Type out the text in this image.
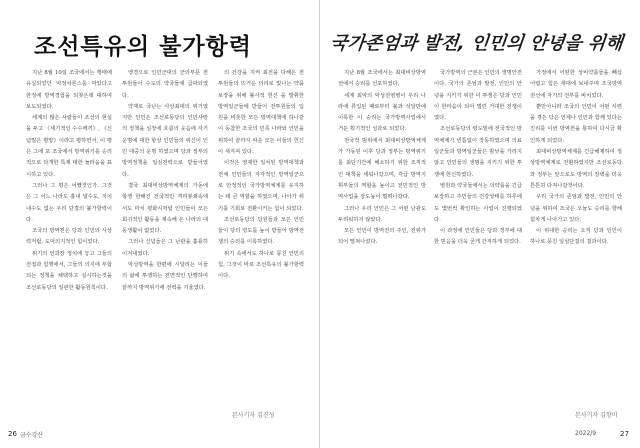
조선특유의 불가항력

지난 8월 10일 조국에서는 행태에 유실되었던 악정치론스를 막았다고 한정에 방역경험을 되찾은데 대하여 보도되였다.

세계의 많은 사람들이 조선의 현실을 두고 《세기적인 수수께끼》, 《신념밀은 평망》이라고 평하면서, 이 평은 그에 포 조국에서 방역위기를 승리적으로 타개한 특제 대한 놀라움을 표시하고 있다.

그러나 그 평은 어쨌것인가. 그것은 그 어느 나라도 흉내 낼수도, 지어내수도 없는 우리 단결의 불가항력이다.

조국의 방역전은 당과 인민의 사상력저럼, 도덕의지적인 힘이었다.

위기의 언과장 정치에 놓고 그들의 전접과 힘행에서, 그들의 의지에 부합되는 정책을 채택하고 실시하는것을 조선로동당의 일관한 활동원칙이다.

엥경으로 인민군대의 군의부문 전투원들이 수도의 약국들에 급파되였다.

약재로 국난는 사상최대의 위기였지만 인민은 조선로동당의 인민사랑의 정책을 심장에 흐름의 웃음에 자기 운명에 대한 항상 인민들의 위신이 인민 대중의 운명 하였으며 당과 정부의 방역정책을 일심전력으로 받들어였다.

결국 최대비상방역체계의 가동에 항쟁 한해진 전국적인 격리봉쇄속에서도 마치 평화시처럼 인민들이 모든 회귀적인 활동을 계속해 온 나라의 대동생활이 없었다.

그러나 신념들은 그 난관을 훌륭히 이겨내였다.

악성방역을 한편에 시달리는 이들의 삶에 투쟁하는 전면적인 단행하여 끝까지 방역위기에 전력을 기울였다.

의 건강을 지켜 최전을 다해온 전투원들의 뜨거운 의리로 빛나는 약품보장을 위해 불사적 헌신 을 발휘한 방역일군들에 받들어 전투원들의 입원을 비롯한 모든 방역대책에 하나같이 동참한 조국의 민족 나라와 인민을 위하여 끝까지 싸운 모든 이들의 헌신이 새겨져 있다.

이것은 영재한 일치된 방역대책과 전체 인민들의 자각적인 방역일군으로 안정적인 국가방역체계를 유지하는 데 큰 역할을 하였으며, 나아가 위기를 기회로 전환시키는 힘이 되었다.

조선로동당의 당원들과 모든 인민들이 당의 령도를 높이 받들어 방역전쟁의 승리를 이룩하였다.

위기 속에서도 하나로 뭉친 인민의 힘, 그것이 바로 조선특유의 불가항력이다.

본사기자 김진성
26 금수강산
국가존엄과 발전, 인민의 안녕을 위해

지난 8월 조국에서는 최대비상방역전에서 승리를 선포하였다.

세계 최악의 악성전염병이 우리 나라에 류입된 때로부터 불과 석달만에 이룩한 이 승리는 국가방역사업에서 거둔 획기적인 성과로 되었다.

전국적 범위에서 최대비상방역체계가 가동된 이후 당과 정부는 방역위기를 최단기간에 해소하기 위한 조직적인 대책을 세워나갔으며, 각급 방역지휘부들의 역할을 높이고 전민적인 방역사업을 강도높이 벌려나갔다.

그러나 우리 인민은 그 어떤 난관도 두려워하지 않았다.

모든 인민이 방역전의 주인, 전위가 되어 떨쳐나섰다.

국가방역의 근본은 인민의 생명안전이다. 국가의 존엄과 발전, 인민의 안녕을 지키기 위한 이 투쟁은 당과 인민이 한마음이 되어 벌린 거대한 전쟁이였다.

조선로동당의 령도밑에 전국적인 방역체계가 빈틈없이 작동하였으며 의료일군들과 방역일군들은 밤낮을 가리지 않고 인민들의 생명을 지키기 위한 투쟁에 헌신하였다.

병원과 약국들에서는 의약품을 긴급보장하고 주민들의 건강상태를 하루에도 몇번씩 확인하는 사업이 진행되였다.

이 과정에 인민들은 당과 정부에 대한 믿음을 더욱 굳게 간직하게 되었다.

가정에서 어떤한 상비약품들을 빼십 어렵고 힘든 세대에 보내주며 조국방역전선에 자기의 전부를 바치었다.

뿐만아니라 조국의 인민이 어떤 시련을 겪든 당은 언제나 인민과 함께 있다는 진리를 이번 방역전을 통하여 다시금 확인하게 되었다.

최대비상방역체계를 긴급해제하여 정상방역체계로 전환하였지만 조선로동당과 정부는 앞으로도 방역의 장벽을 더욱 튼튼히 다져나갈것이다.

우리 국가의 존엄과 발전, 인민의 안녕을 위하여 조국은 오늘도 승리를 향해 힘차게 나아가고 있다.

이 위대한 승리는 오직 당과 인민이 하나로 뭉친 일심단결의 결과이다.

본사기자 김향미
2022/9	27
